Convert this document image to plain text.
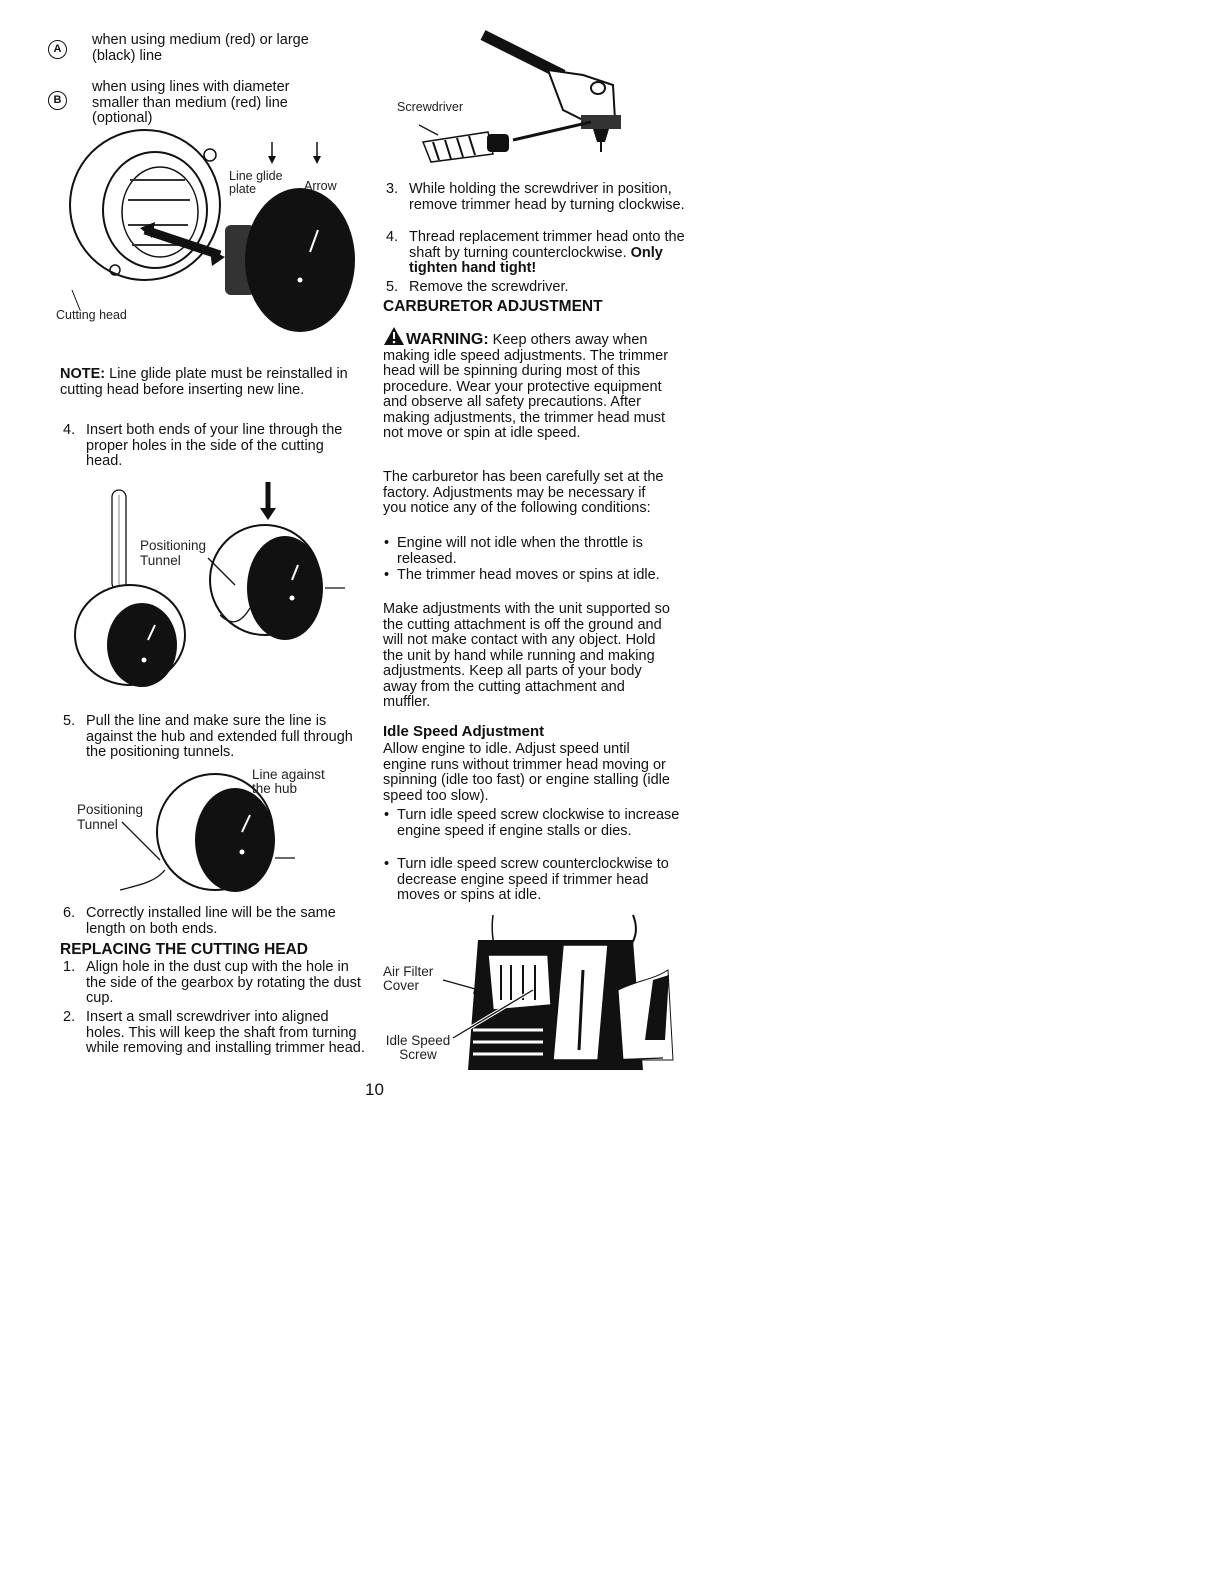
A

when using medium (red) or large (black) line

B

when using lines with diameter smaller than medium (red) line (optional)

Line glide plate	Arrow
Cutting head

NOTE: Line glide plate must be reinstalled in cutting head before inserting new line.

4. Insert both ends of your line through the proper holes in the side of the cutting head.
Positioning Tunnel
5. Pull the line and make sure the line is against the hub and extended full through the positioning tunnels.
Line against the hub
Positioning Tunnel
6. Correctly installed line will be the same length on both ends.
REPLACING THE CUTTING HEAD
1. Align hole in the dust cup with the hole in the side of the gearbox by rotating the dust cup.
2. Insert a small screwdriver into aligned holes. This will keep the shaft from turning while removing and installing trimmer head.
Screwdriver
3. While holding the screwdriver in position, remove trimmer head by turning clockwise.
4. Thread replacement trimmer head onto the shaft by turning counterclockwise. Only tighten hand tight!
5. Remove the screwdriver.
CARBURETOR ADJUSTMENT

WARNING: Keep others away when making idle speed adjustments. The trimmer head will be spinning during most of this procedure. Wear your protective equipment and observe all safety precautions. After making adjustments, the trimmer head must not move or spin at idle speed.

The carburetor has been carefully set at the factory. Adjustments may be necessary if you notice any of the following conditions:

• Engine will not idle when the throttle is released.
• The trimmer head moves or spins at idle.

Make adjustments with the unit supported so the cutting attachment is off the ground and will not make contact with any object. Hold the unit by hand while running and making adjustments. Keep all parts of your body away from the cutting attachment and muffler.

Idle Speed Adjustment

Allow engine to idle. Adjust speed until engine runs without trimmer head moving or spinning (idle too fast) or engine stalling (idle speed too slow).

• Turn idle speed screw clockwise to increase engine speed if engine stalls or dies.
• Turn idle speed screw counterclockwise to decrease engine speed if trimmer head moves or spins at idle.
Air Filter Cover
Idle Speed Screw
10
